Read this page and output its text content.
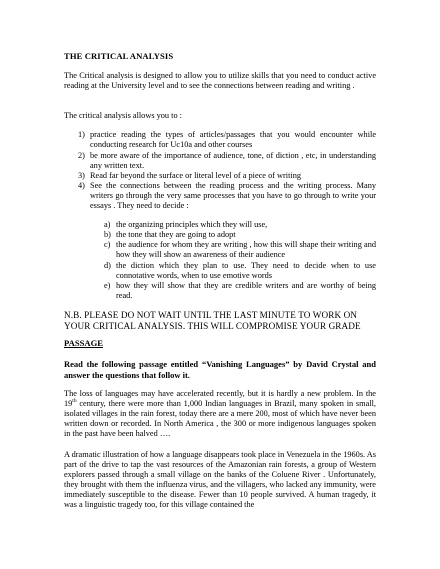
THE CRITICAL ANALYSIS
The Critical analysis is designed to allow you to utilize skills that you need to conduct active reading at the University level and to see the connections between reading and writing .
The critical analysis allows you to :
1) practice reading the types of articles/passages that you would encounter while conducting research for Uc10a and other courses
2) be more aware of the importance of audience, tone, of diction , etc, in understanding any written text.
3) Read far beyond the surface or literal level of a piece of writing
4) See the connections between the reading process and the writing process. Many writers go through the very same processes that you have to go through to write your essays . They need to decide :
a) the organizing principles which they will use,
b) the tone that they are going to adopt
c) the audience for whom they are writing , how this will shape their writing and how they will show an awareness of their audience
d) the diction which they plan to use. They need to decide when to use connotative words, when to use emotive words
e) how they will show that they are credible writers and are worthy of being read.
N.B. PLEASE DO NOT WAIT UNTIL THE LAST MINUTE TO WORK ON YOUR CRITICAL ANALYSIS. THIS WILL COMPROMISE YOUR GRADE
PASSAGE
Read the following passage entitled “Vanishing Languages” by David Crystal and answer the questions that follow it.
The loss of languages may have accelerated recently, but it is hardly a new problem. In the 19th century, there were more than 1,000 Indian languages in Brazil, many spoken in small, isolated villages in the rain forest, today there are a mere 200, most of which have never been written down or recorded. In North America , the 300 or more indigenous languages spoken in the past have been halved ….
A dramatic illustration of how a language disappears took place in Venezuela in the 1960s. As part of the drive to tap the vast resources of the Amazonian rain forests, a group of Western explorers passed through a small village on the banks of the Coluene River . Unfortunately, they brought with them the influenza virus, and the villagers, who lacked any immunity, were immediately susceptible to the disease. Fewer than 10 people survived. A human tragedy, it was a linguistic tragedy too, for this village contained the
